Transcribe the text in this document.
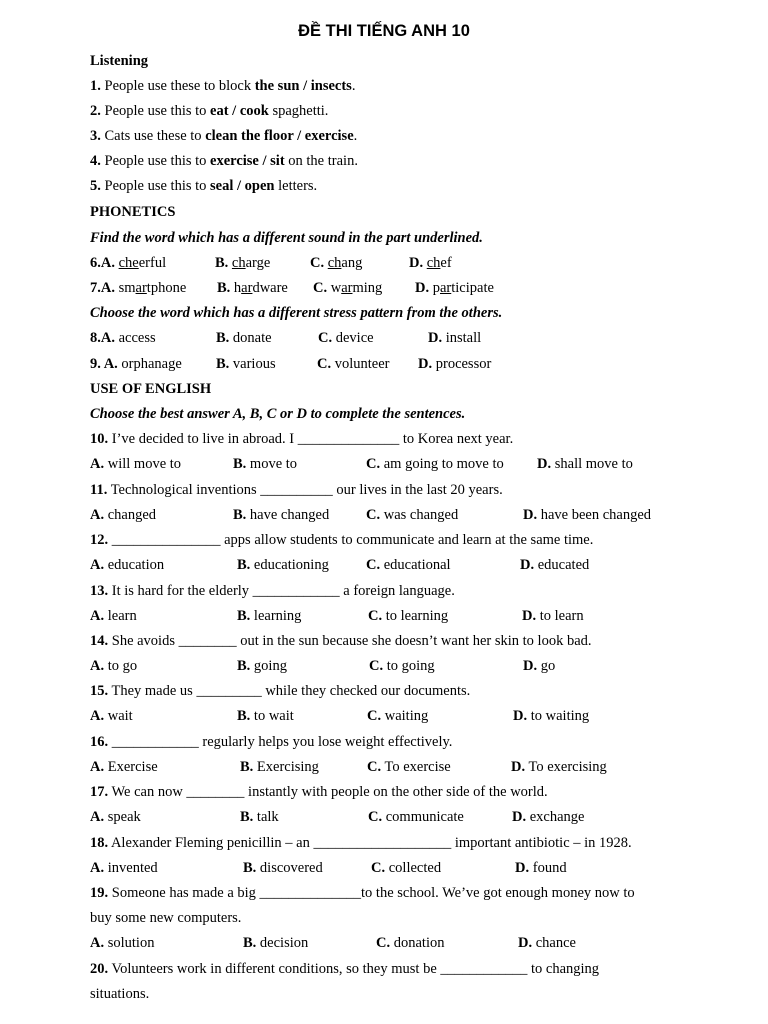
ĐỀ THI TIẾNG ANH 10
Listening
1. People use these to block the sun / insects.
2. People use this to eat / cook spaghetti.
3. Cats use these to clean the floor / exercise.
4. People use this to exercise / sit on the train.
5. People use this to seal / open letters.
PHONETICS
Find the word which has a different sound in the part underlined.
6.A. cheerful	B. charge	C. chang	D. chef
7.A. smartphone B. hardware C. warming D. participate
Choose the word which has a different stress pattern from the others.
8.A. access	B. donate	C. device	D. install
9. A. orphanage B. various	C. volunteer D. processor
USE OF ENGLISH
Choose the best answer A, B, C or D to complete the sentences.
10. I’ve decided to live in abroad. I ______________ to Korea next year.
A. will move to	B. move to	C. am going to move to D. shall move to
11. Technological inventions __________ our lives in the last 20 years.
A. changed	B. have changed	C. was changed	D. have been changed
12. _______________ apps allow students to communicate and learn at the same time.
A. education	B. educationing	C. educational	D. educated
13. It is hard for the elderly ____________ a foreign language.
A. learn	B. learning	C. to learning	D. to learn
14. She avoids ________ out in the sun because she doesn’t want her skin to look bad.
A. to go	B. going	C. to going	D. go
15. They made us _________ while they checked our documents.
A. wait	B. to wait	C. waiting	D. to waiting
16. ____________ regularly helps you lose weight effectively.
A. Exercise	B. Exercising	C. To exercise	D. To exercising
17. We can now ________ instantly with people on the other side of the world.
A. speak	B. talk	C. communicate	D. exchange
18. Alexander Fleming penicillin – an ___________________ important antibiotic – in 1928.
A. invented	B. discovered	C. collected	D. found
19. Someone has made a big ______________to the school. We’ve got enough money now to
buy some new computers.
A. solution	B. decision	C. donation	D. chance
20. Volunteers work in different conditions, so they must be ____________ to changing
situations.
